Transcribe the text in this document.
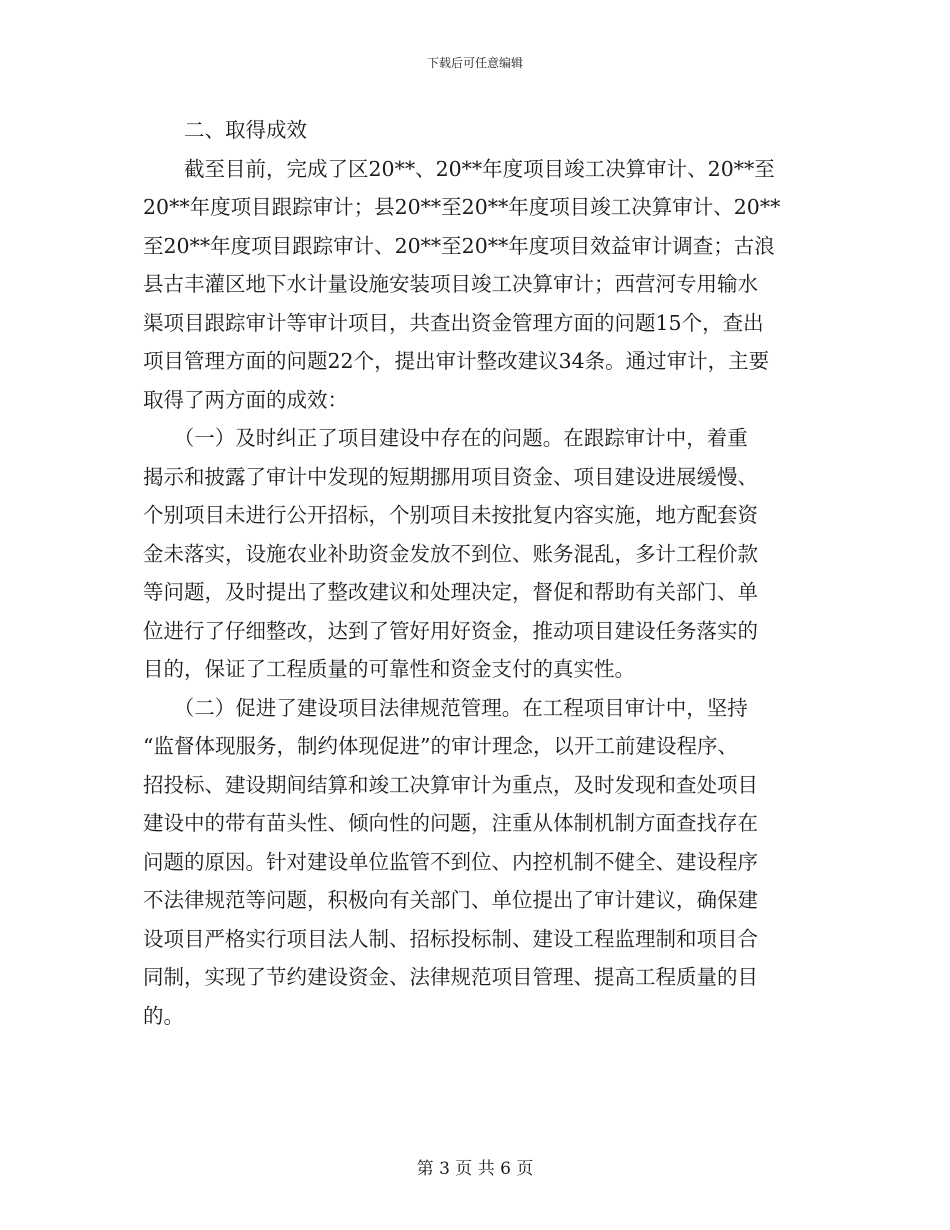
下载后可任意编辑
　　二、取得成效
　　截至目前，完成了区20**、20**年度项目竣工决算审计、20**至
20**年度项目跟踪审计；县20**至20**年度项目竣工决算审计、20**
至20**年度项目跟踪审计、20**至20**年度项目效益审计调查；古浪
县古丰灌区地下水计量设施安装项目竣工决算审计；西营河专用输水
渠项目跟踪审计等审计项目，共查出资金管理方面的问题15个，查出
项目管理方面的问题22个，提出审计整改建议34条。通过审计，主要
取得了两方面的成效：
　　（一）及时纠正了项目建设中存在的问题。在跟踪审计中，着重
揭示和披露了审计中发现的短期挪用项目资金、项目建设进展缓慢、
个别项目未进行公开招标，个别项目未按批复内容实施，地方配套资
金未落实，设施农业补助资金发放不到位、账务混乱，多计工程价款
等问题，及时提出了整改建议和处理决定，督促和帮助有关部门、单
位进行了仔细整改，达到了管好用好资金，推动项目建设任务落实的
目的，保证了工程质量的可靠性和资金支付的真实性。
　　（二）促进了建设项目法律规范管理。在工程项目审计中，坚持
“监督体现服务，制约体现促进”的审计理念，以开工前建设程序、
招投标、建设期间结算和竣工决算审计为重点，及时发现和查处项目
建设中的带有苗头性、倾向性的问题，注重从体制机制方面查找存在
问题的原因。针对建设单位监管不到位、内控机制不健全、建设程序
不法律规范等问题，积极向有关部门、单位提出了审计建议，确保建
设项目严格实行项目法人制、招标投标制、建设工程监理制和项目合
同制，实现了节约建设资金、法律规范项目管理、提高工程质量的目
的。
第 3 页 共 6 页
